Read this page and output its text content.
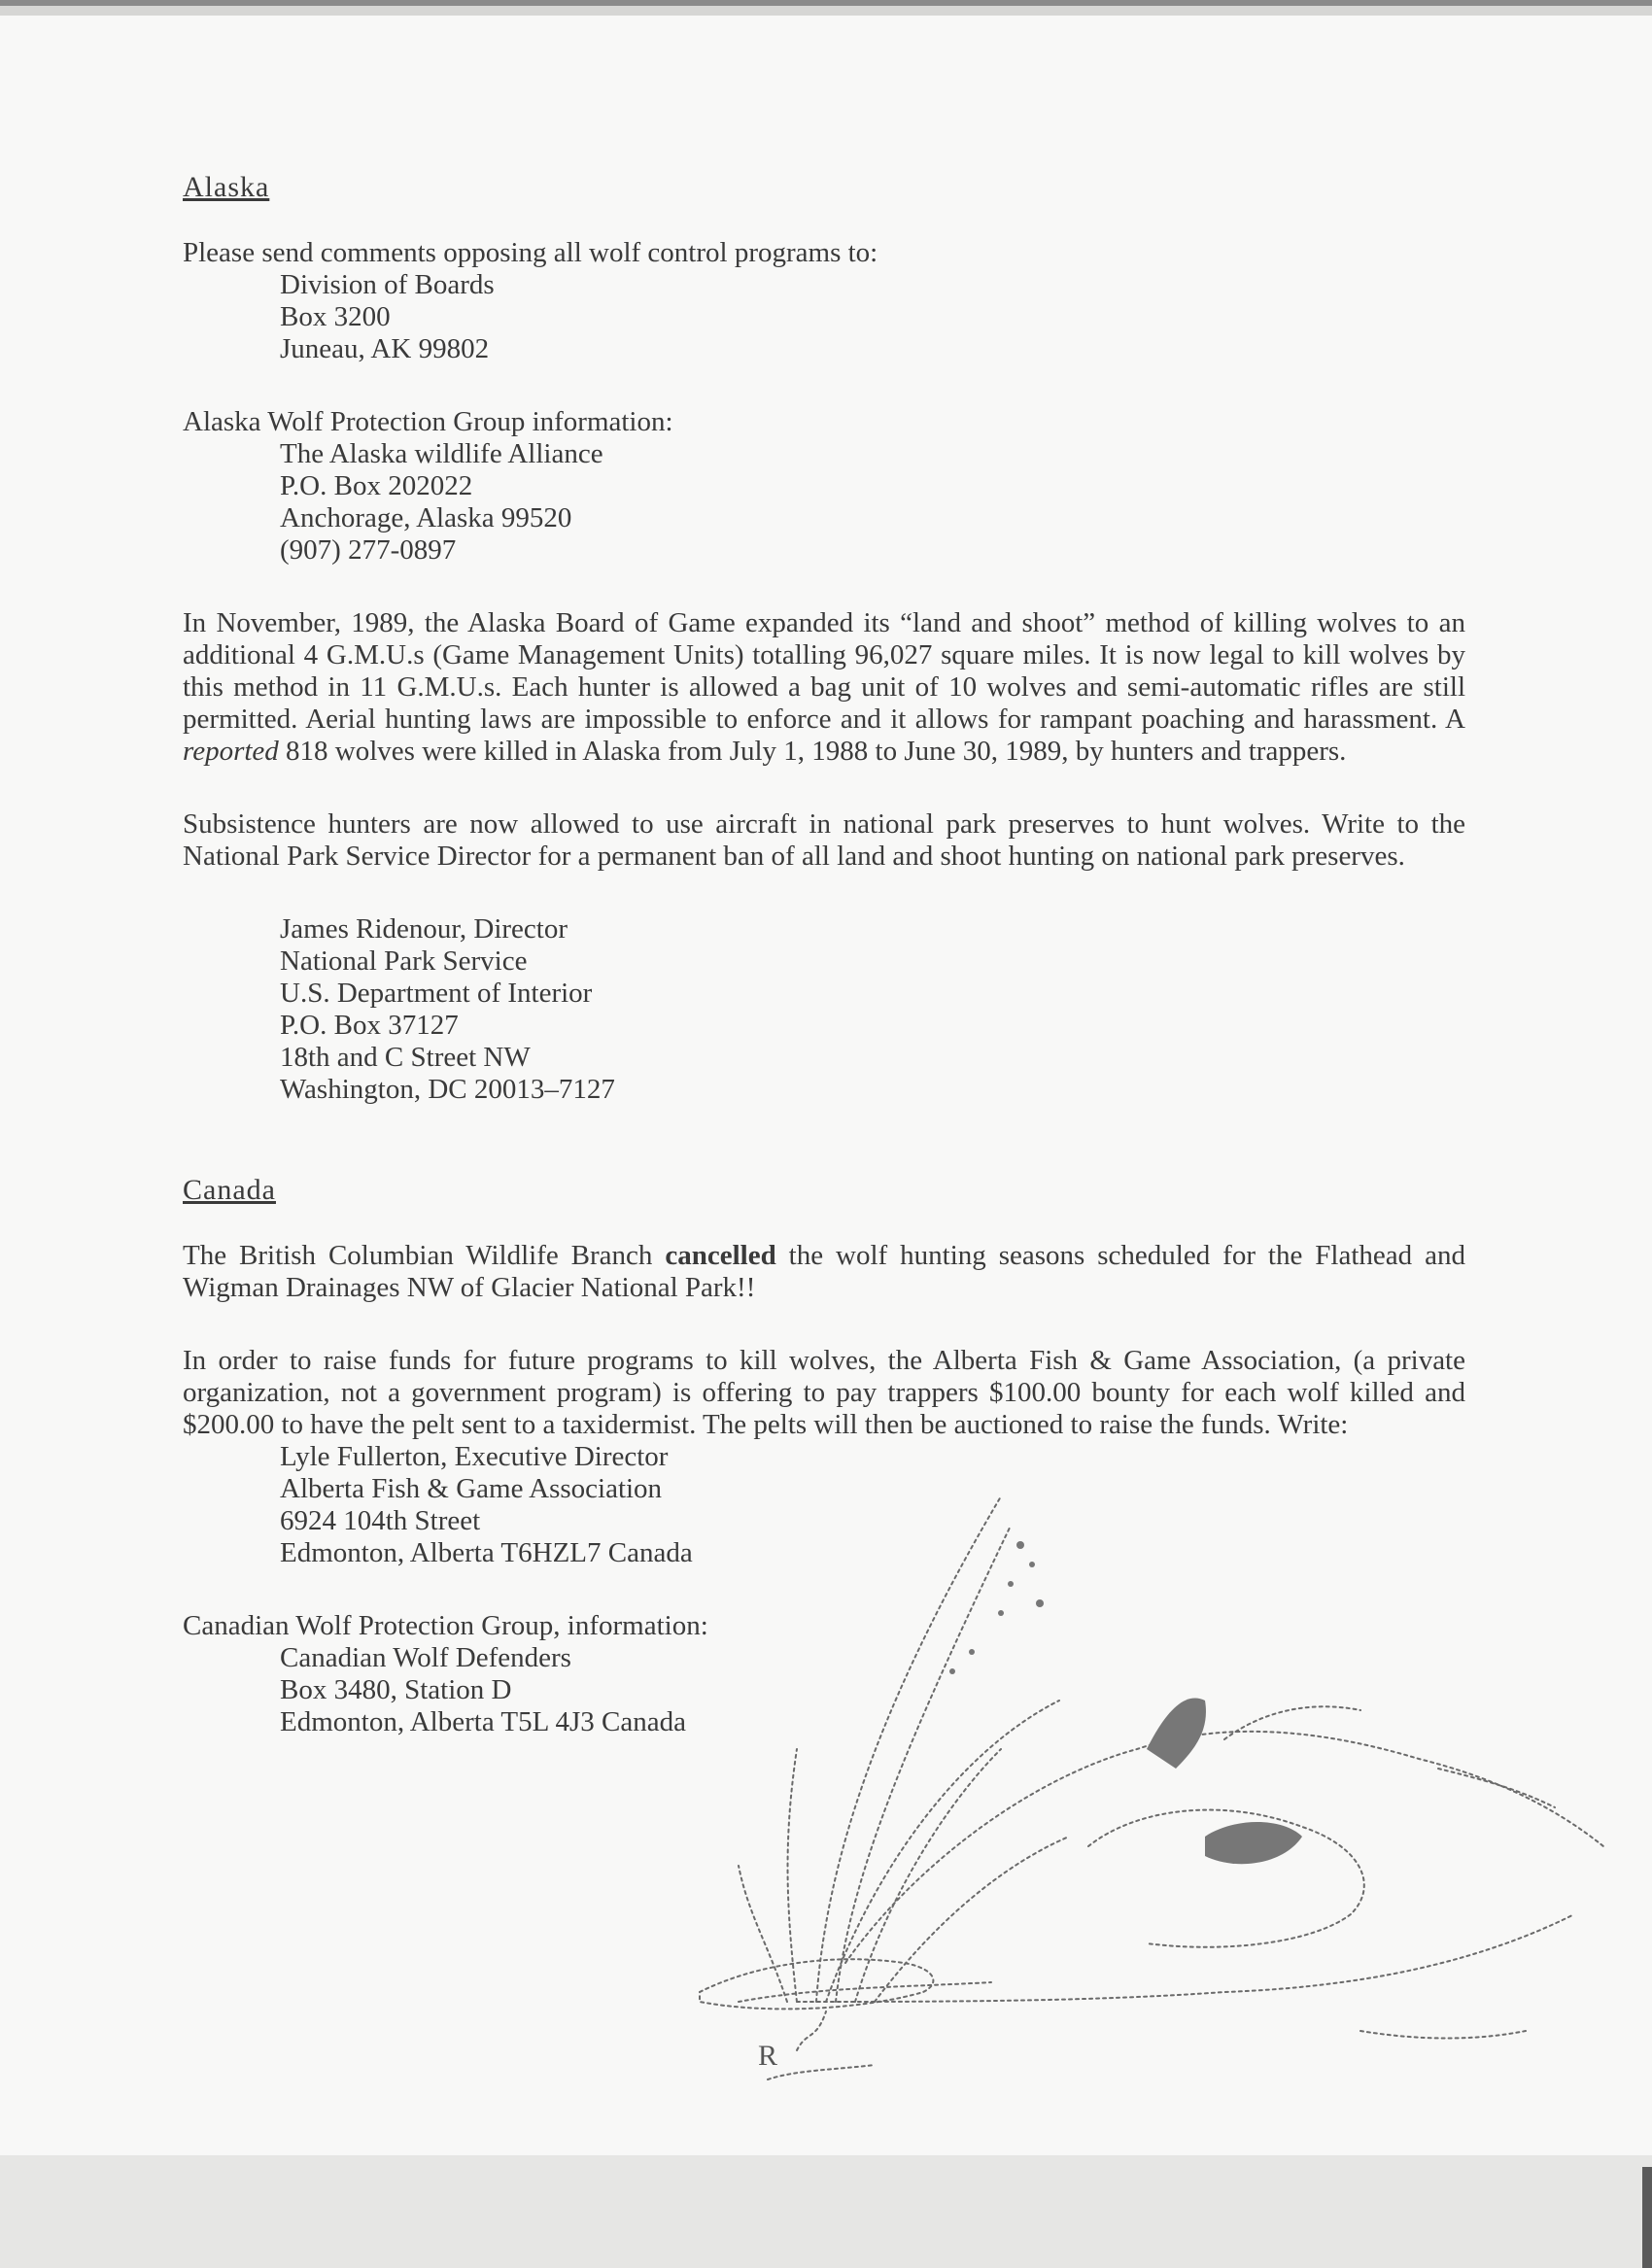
Alaska
Please send comments opposing all wolf control programs to:
Division of Boards
Box 3200
Juneau, AK 99802
Alaska Wolf Protection Group information:
The Alaska wildlife Alliance
P.O. Box 202022
Anchorage, Alaska 99520
(907) 277-0897
In November, 1989, the Alaska Board of Game expanded its “land and shoot” method of killing wolves to an additional 4 G.M.U.s (Game Management Units) totalling 96,027 square miles. It is now legal to kill wolves by this method in 11 G.M.U.s. Each hunter is allowed a bag unit of 10 wolves and semi-automatic rifles are still permitted. Aerial hunting laws are impossible to enforce and it allows for rampant poaching and harassment. A reported 818 wolves were killed in Alaska from July 1, 1988 to June 30, 1989, by hunters and trappers.
Subsistence hunters are now allowed to use aircraft in national park preserves to hunt wolves. Write to the National Park Service Director for a permanent ban of all land and shoot hunting on national park preserves.
James Ridenour, Director
National Park Service
U.S. Department of Interior
P.O. Box 37127
18th and C Street NW
Washington, DC 20013–7127
Canada
The British Columbian Wildlife Branch cancelled the wolf hunting seasons scheduled for the Flathead and Wigman Drainages NW of Glacier National Park!!
In order to raise funds for future programs to kill wolves, the Alberta Fish & Game Association, (a private organization, not a government program) is offering to pay trappers $100.00 bounty for each wolf killed and $200.00 to have the pelt sent to a taxidermist. The pelts will then be auctioned to raise the funds. Write:
Lyle Fullerton, Executive Director
Alberta Fish & Game Association
6924 104th Street
Edmonton, Alberta T6HZL7 Canada
Canadian Wolf Protection Group, information:
Canadian Wolf Defenders
Box 3480, Station D
Edmonton, Alberta T5L 4J3 Canada
R
